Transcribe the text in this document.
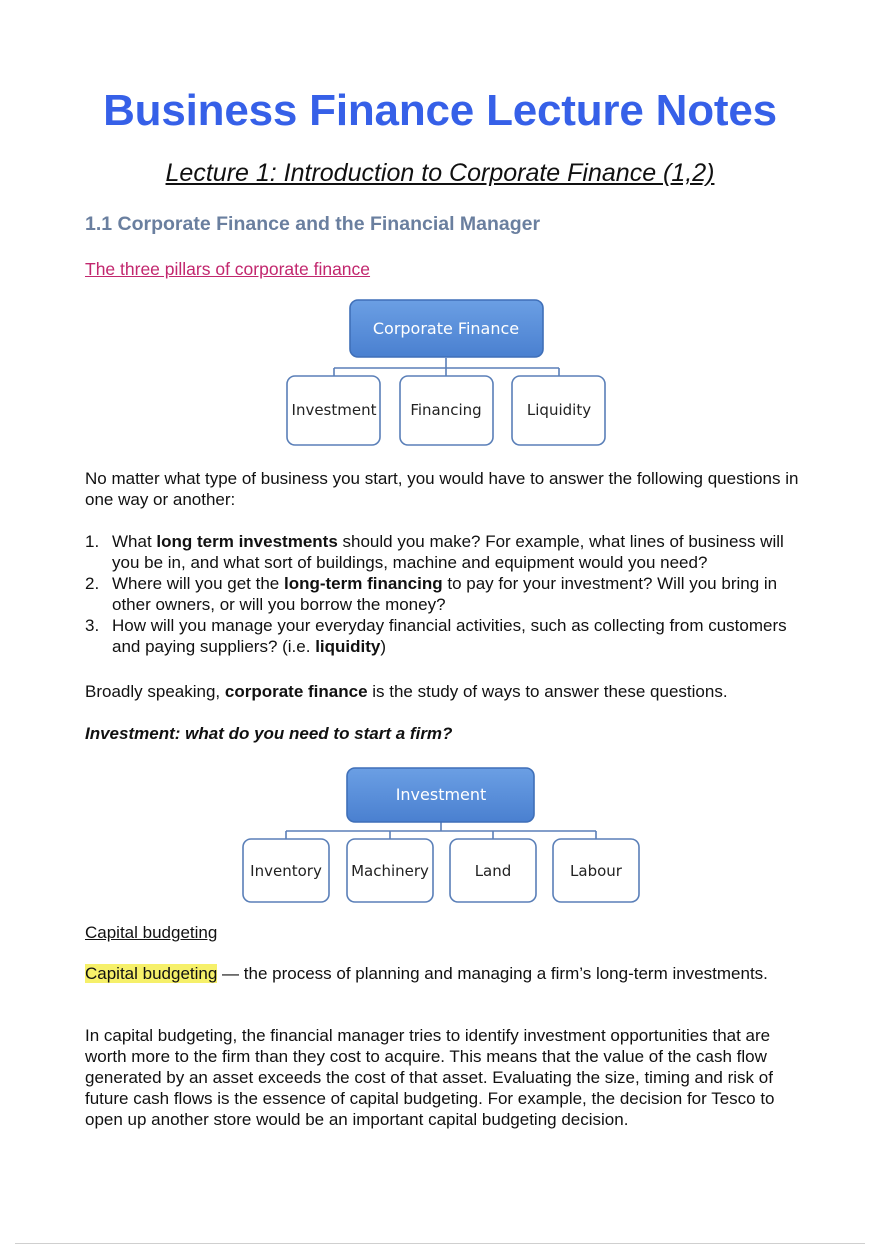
Business Finance Lecture Notes
Lecture 1: Introduction to Corporate Finance (1,2)
1.1 Corporate Finance and the Financial Manager
The three pillars of corporate finance
Corporate Finance
Investment Financing	Liquidity
No matter what type of business you start, you would have to answer the following questions in one way or another:
1. What long term investments should you make? For example, what lines of business will you be in, and what sort of buildings, machine and equipment would you need?
2. Where will you get the long-term financing to pay for your investment? Will you bring in other owners, or will you borrow the money?
3. How will you manage your everyday financial activities, such as collecting from customers and paying suppliers? (i.e. liquidity)
Broadly speaking, corporate finance is the study of ways to answer these questions.
Investment: what do you need to start a firm?
Investment
Inventory Machinery	Land	Labour
Capital budgeting
Capital budgeting — the process of planning and managing a firm’s long-term investments.
In capital budgeting, the financial manager tries to identify investment opportunities that are worth more to the firm than they cost to acquire. This means that the value of the cash flow generated by an asset exceeds the cost of that asset. Evaluating the size, timing and risk of future cash flows is the essence of capital budgeting. For example, the decision for Tesco to open up another store would be an important capital budgeting decision.
